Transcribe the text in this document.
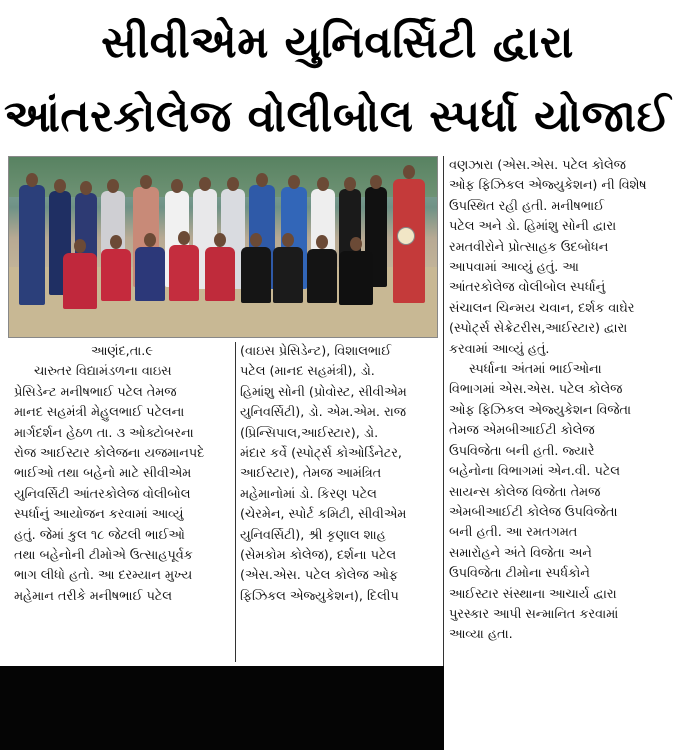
સીવીએમ યુનિવર્સિટી દ્વારા
આંતરકોલેજ વોલીબોલ સ્પર્ધા યોજાઈ
આણંદ,તા.૯
ચારુતર વિદ્યામંડળના વાઇસ
પ્રેસિડેન્ટ મનીષભાઈ પટેલ તેમજ
માનદ સહમંત્રી મેહુલભાઈ પટેલના
માર્ગદર્શન હેઠળ તા. ૩ ઓક્ટોબરના
રોજ આઈસ્ટાર કોલેજના યજમાનપદે
ભાઈઓ તથા બહેનો માટે સીવીએમ
યુનિવર્સિટી આંતરકોલેજ વોલીબોલ
સ્પર્ધાનું આયોજન કરવામાં આવ્યું
હતું. જેમાં કુલ ૧૮ જેટલી ભાઈઓ
તથા બહેનોની ટીમોએ ઉત્સાહપૂર્વક
ભાગ લીધો હતો. આ દરમ્યાન મુખ્ય
મહેમાન તરીકે મનીષભાઈ પટેલ
(વાઇસ પ્રેસિડેન્ટ), વિશાલભાઈ
પટેલ (માનદ સહમંત્રી), ડો.
હિમાંશુ સોની (પ્રોવોસ્ટ, સીવીએમ
યુનિવર્સિટી), ડો. એમ.એમ. રાજ
(પ્રિન્સિપાલ,આઈસ્ટાર), ડો.
મંદાર કર્વે (સ્પોર્ટ્સ કોઓર્ડિનેટર,
આઈસ્ટાર), તેમજ આમંત્રિત
મહેમાનોમાં ડો. કિરણ પટેલ
(ચેરમેન, સ્પોર્ટ કમિટી, સીવીએમ
યુનિવર્સિટી), શ્રી કૃણાલ શાહ
(સેમકોમ કોલેજ), દર્શના પટેલ
(એસ.એસ. પટેલ કોલેજ ઓફ
ફિઝિકલ એજ્યુકેશન), દિલીપ
વણઝારા (એસ.એસ. પટેલ કોલેજ
ઓફ ફિઝિકલ એજ્યુકેશન) ની વિશેષ
ઉપસ્થિત રહી હતી. મનીષભાઈ
પટેલ અને ડો. હિમાંશુ સોની દ્વારા
રમતવીરોને પ્રોત્સાહક ઉદબોધન
આપવામાં આવ્યું હતું. આ
આંતરકોલેજ વોલીબોલ સ્પર્ધાનું
સંચાલન ચિન્મય ચવાન, દર્શક વાઘેર
(સ્પોર્ટ્સ સેક્રેટરીસ,આઈસ્ટાર) દ્વારા
કરવામાં આવ્યું હતું.
સ્પર્ધાના અંતમાં ભાઈઓના
વિભાગમાં એસ.એસ. પટેલ કોલેજ
ઓફ ફિઝિકલ એજ્યુકેશન વિજેતા
તેમજ એમબીઆઈટી કોલેજ
ઉપવિજેતા બની હતી. જ્યારે
બહેનોના વિભાગમાં એન.વી. પટેલ
સાયન્સ કોલેજ વિજેતા તેમજ
એમબીઆઈટી કોલેજ ઉપવિજેતા
બની હતી. આ રમતગમત
સમારોહને અંતે વિજેતા અને
ઉપવિજેતા ટીમોના સ્પર્ધકોને
આઈસ્ટાર સંસ્થાના આચાર્ય દ્વારા
પુરસ્કાર આપી સન્માનિત કરવામાં
આવ્યા હતા.
